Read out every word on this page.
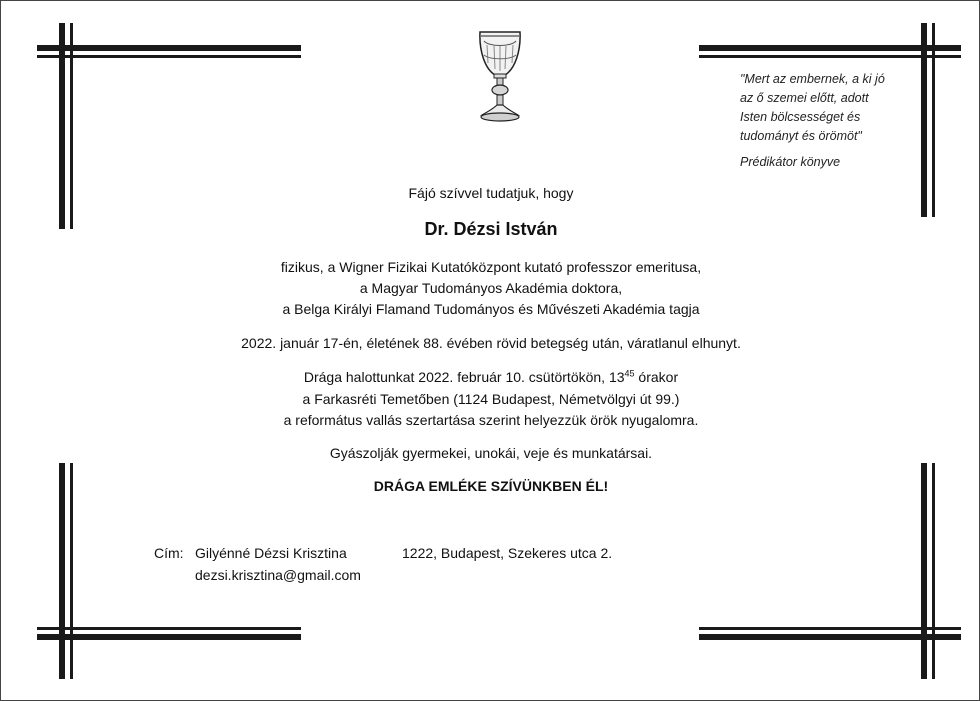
"Mert az embernek, a ki jó
az ő szemei előtt, adott
Isten bölcsességet és
tudományt és örömöt"
Prédikátor könyve
Fájó szívvel tudatjuk, hogy
Dr. Dézsi István
fizikus, a Wigner Fizikai Kutatóközpont kutató professzor emeritusa,
a Magyar Tudományos Akadémia doktora,
a Belga Királyi Flamand Tudományos és Művészeti Akadémia tagja
2022. január 17-én, életének 88. évében rövid betegség után, váratlanul elhunyt.
Drága halottunkat 2022. február 10. csütörtökön, $13^{45}$ órakor
a Farkasréti Temetőben (1124 Budapest, Németvölgyi út 99.)
a református vallás szertartása szerint helyezzük örök nyugalomra.
Gyászolják gyermekei, unokái, veje és munkatársai.
DRÁGA EMLÉKE SZÍVÜNKBEN ÉL!
Cím: Gilyénné Dézsi Krisztina	1222, Budapest, Szekeres utca 2.
dezsi.krisztina@gmail.com
